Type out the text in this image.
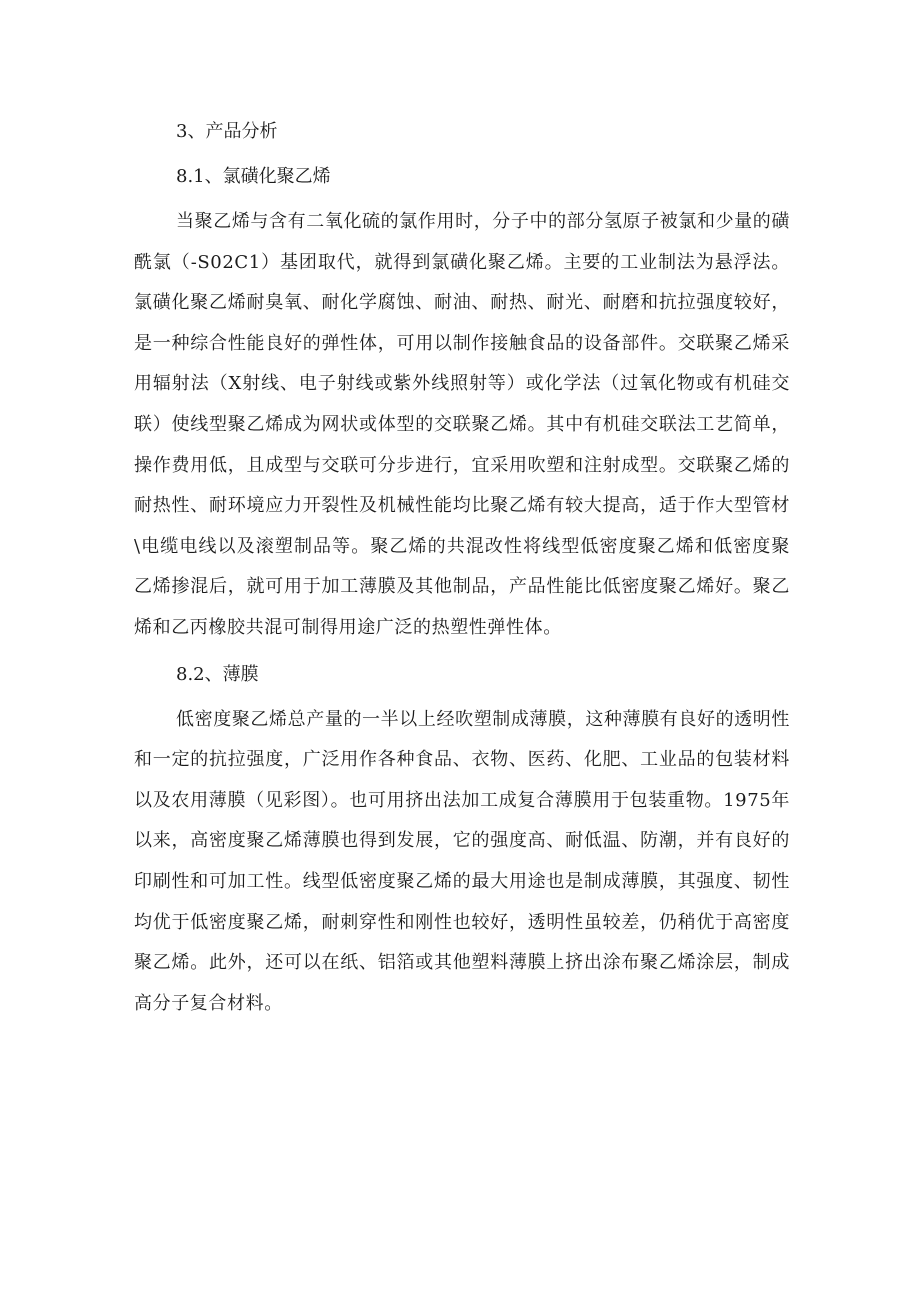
3、产品分析
8.1、氯磺化聚乙烯

当聚乙烯与含有二氧化硫的氯作用时，分子中的部分氢原子被氯和少量的磺酰氯（-S02C1）基团取代，就得到氯磺化聚乙烯。主要的工业制法为悬浮法。氯磺化聚乙烯耐臭氧、耐化学腐蚀、耐油、耐热、耐光、耐磨和抗拉强度较好，是一种综合性能良好的弹性体，可用以制作接触食品的设备部件。交联聚乙烯采用辐射法（X射线、电子射线或紫外线照射等）或化学法（过氧化物或有机硅交联）使线型聚乙烯成为网状或体型的交联聚乙烯。其中有机硅交联法工艺简单，操作费用低，且成型与交联可分步进行，宜采用吹塑和注射成型。交联聚乙烯的耐热性、耐环境应力开裂性及机械性能均比聚乙烯有较大提高，适于作大型管材\电缆电线以及滚塑制品等。聚乙烯的共混改性将线型低密度聚乙烯和低密度聚乙烯掺混后，就可用于加工薄膜及其他制品，产品性能比低密度聚乙烯好。聚乙烯和乙丙橡胶共混可制得用途广泛的热塑性弹性体。

8.2、薄膜

低密度聚乙烯总产量的一半以上经吹塑制成薄膜，这种薄膜有良好的透明性和一定的抗拉强度，广泛用作各种食品、衣物、医药、化肥、工业品的包装材料以及农用薄膜（见彩图）。也可用挤出法加工成复合薄膜用于包装重物。1975年以来，高密度聚乙烯薄膜也得到发展，它的强度高、耐低温、防潮，并有良好的印刷性和可加工性。线型低密度聚乙烯的最大用途也是制成薄膜，其强度、韧性均优于低密度聚乙烯，耐刺穿性和刚性也较好，透明性虽较差，仍稍优于高密度聚乙烯。此外，还可以在纸、铝箔或其他塑料薄膜上挤出涂布聚乙烯涂层，制成高分子复合材料。
